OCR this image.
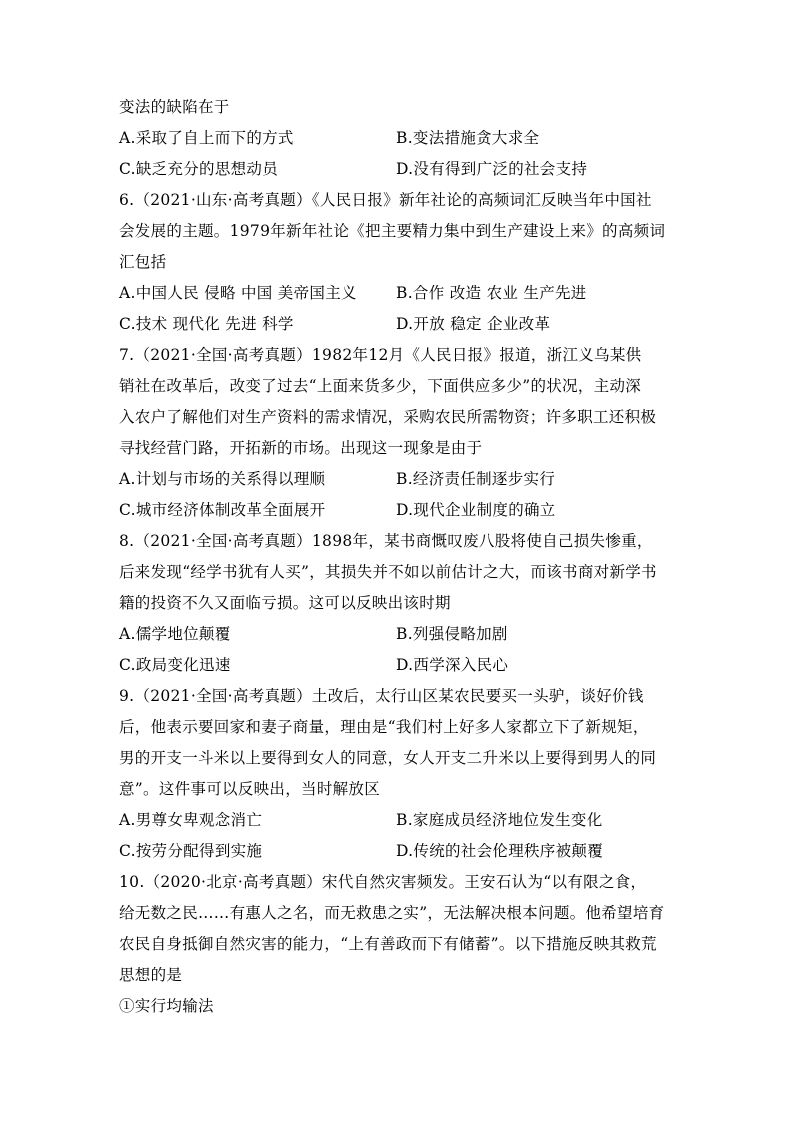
变法的缺陷在于
A.采取了自上而下的方式	B.变法措施贪大求全
C.缺乏充分的思想动员	D.没有得到广泛的社会支持
6.（2021·山东·高考真题）《人民日报》新年社论的高频词汇反映当年中国社
会发展的主题。1979年新年社论《把主要精力集中到生产建设上来》的高频词
汇包括
A.中国人民 侵略 中国 美帝国主义	B.合作 改造 农业 生产先进
C.技术 现代化 先进 科学	D.开放 稳定 企业改革
7.（2021·全国·高考真题）1982年12月《人民日报》报道，浙江义乌某供
销社在改革后，改变了过去“上面来货多少，下面供应多少”的状况，主动深
入农户了解他们对生产资料的需求情况，采购农民所需物资；许多职工还积极
寻找经营门路，开拓新的市场。出现这一现象是由于
A.计划与市场的关系得以理顺	B.经济责任制逐步实行
C.城市经济体制改革全面展开	D.现代企业制度的确立
8.（2021·全国·高考真题）1898年，某书商慨叹废八股将使自己损失惨重，
后来发现“经学书犹有人买”，其损失并不如以前估计之大，而该书商对新学书
籍的投资不久又面临亏损。这可以反映出该时期
A.儒学地位颠覆	B.列强侵略加剧
C.政局变化迅速	D.西学深入民心
9.（2021·全国·高考真题）土改后，太行山区某农民要买一头驴，谈好价钱
后，他表示要回家和妻子商量，理由是“我们村上好多人家都立下了新规矩，
男的开支一斗米以上要得到女人的同意，女人开支二升米以上要得到男人的同
意”。这件事可以反映出，当时解放区
A.男尊女卑观念消亡	B.家庭成员经济地位发生变化
C.按劳分配得到实施	D.传统的社会伦理秩序被颠覆
10.（2020·北京·高考真题）宋代自然灾害频发。王安石认为“以有限之食，
给无数之民……有惠人之名，而无救患之实”，无法解决根本问题。他希望培育
农民自身抵御自然灾害的能力，“上有善政而下有储蓄”。以下措施反映其救荒
思想的是
①实行均输法
